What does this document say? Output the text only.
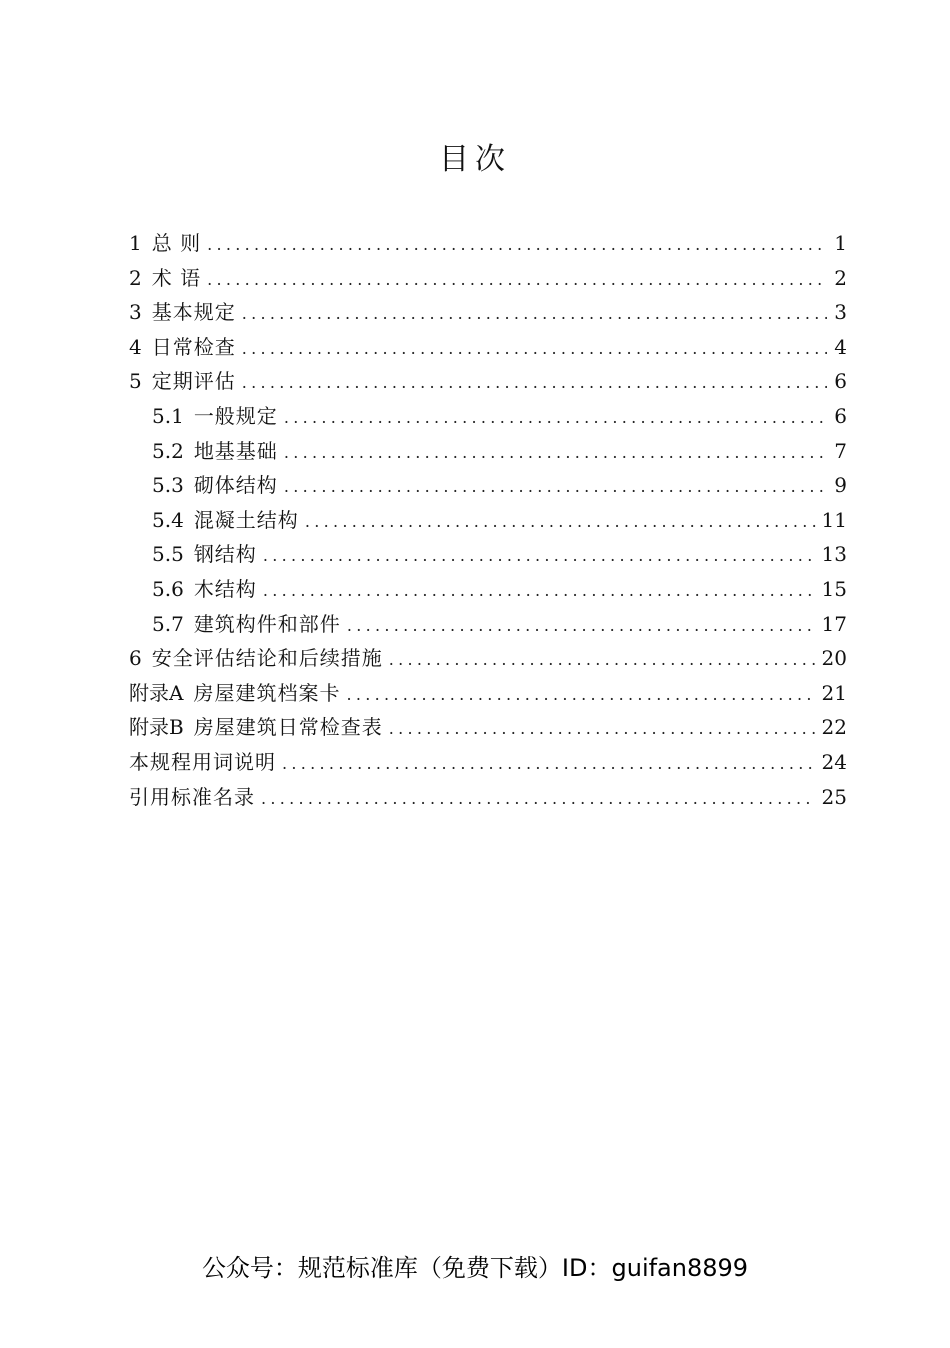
目次
1 总 则 .....	1
2 术 语 .....	2
3 基本规定 .....	3
4 日常检查 .....	4
5 定期评估 .....	6
5.1 一般规定 .....	6
5.2 地基基础 .....	7
5.3 砌体结构 .....	9
5.4 混凝土结构 .....	11
5.5 钢结构 .....	13
5.6 木结构 .....	15
5.7 建筑构件和部件 .....	17
6 安全评估结论和后续措施 .....	20
附录A 房屋建筑档案卡 .....	21
附录B 房屋建筑日常检查表 .....	22
本规程用词说明 .....	24
引用标准名录 .....	25
公众号：规范标准库（免费下载）ID：guifan8899
